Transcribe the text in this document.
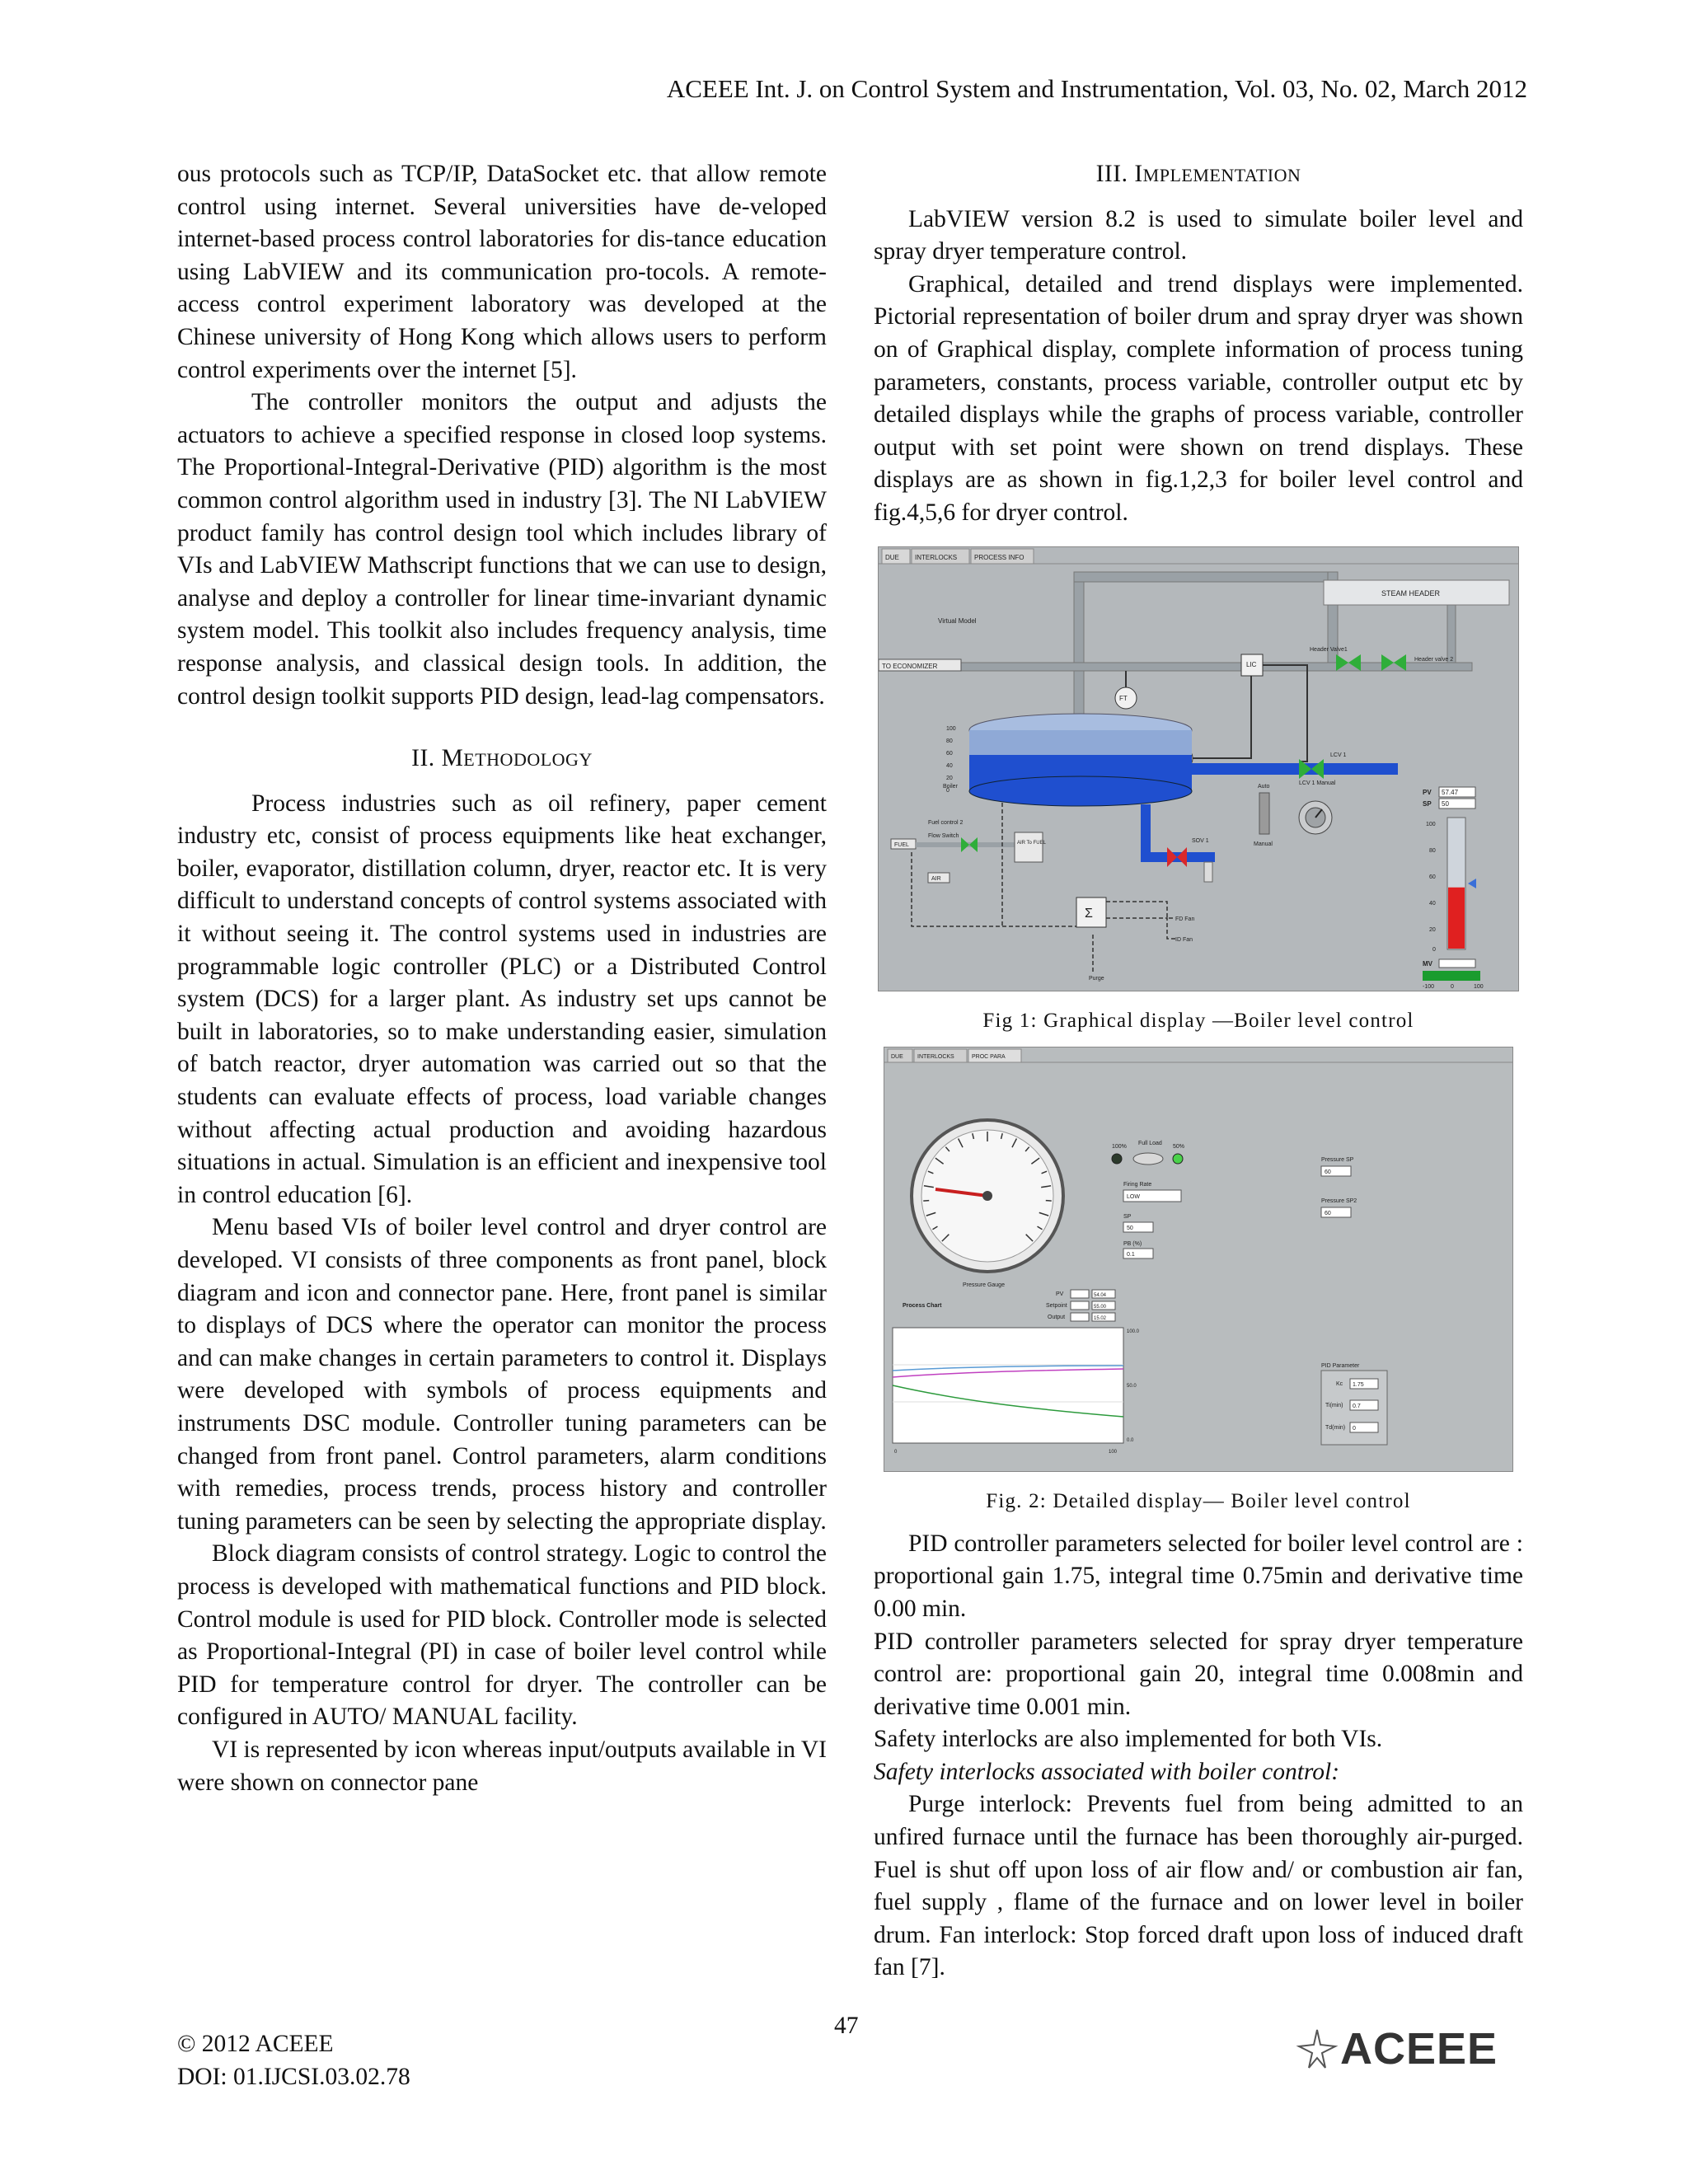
ACEEE Int. J. on Control System and Instrumentation, Vol. 03, No. 02, March 2012

ous protocols such as TCP/IP, DataSocket etc. that allow remote control using internet. Several universities have de-veloped internet-based process control laboratories for dis-tance education using LabVIEW and its communication pro-tocols. A remote-access control experiment laboratory was developed at the Chinese university of Hong Kong which allows users to perform control experiments over the internet [5].

The controller monitors the output and adjusts the actuators to achieve a specified response in closed loop systems. The Proportional-Integral-Derivative (PID) algorithm is the most common control algorithm used in industry [3]. The NI LabVIEW product family has control design tool which includes library of VIs and LabVIEW Mathscript functions that we can use to design, analyse and deploy a controller for linear time-invariant dynamic system model. This toolkit also includes frequency analysis, time response analysis, and classical design tools. In addition, the control design toolkit supports PID design, lead-lag compensators.

II. METHODOLOGY

Process industries such as oil refinery, paper cement industry etc, consist of process equipments like heat exchanger, boiler, evaporator, distillation column, dryer, reactor etc. It is very difficult to understand concepts of control systems associated with it without seeing it. The control systems used in industries are programmable logic controller (PLC) or a Distributed Control system (DCS) for a larger plant. As industry set ups cannot be built in laboratories, so to make understanding easier, simulation of batch reactor, dryer automation was carried out so that the students can evaluate effects of process, load variable changes without affecting actual production and avoiding hazardous situations in actual. Simulation is an efficient and inexpensive tool in control education [6].

Menu based VIs of boiler level control and dryer control are developed. VI consists of three components as front panel, block diagram and icon and connector pane. Here, front panel is similar to displays of DCS where the operator can monitor the process and can make changes in certain parameters to control it. Displays were developed with symbols of process equipments and instruments DSC module. Controller tuning parameters can be changed from front panel. Control parameters, alarm conditions with remedies, process trends, process history and controller tuning parameters can be seen by selecting the appropriate display.

Block diagram consists of control strategy. Logic to control the process is developed with mathematical functions and PID block. Control module is used for PID block. Controller mode is selected as Proportional-Integral (PI) in case of boiler level control while PID for temperature control for dryer. The controller can be configured in AUTO/ MANUAL facility.

VI is represented by icon whereas input/outputs available in VI were shown on connector pane

III. IMPLEMENTATION

LabVIEW version 8.2 is used to simulate boiler level and spray dryer temperature control.

Graphical, detailed and trend displays were implemented. Pictorial representation of boiler drum and spray dryer was shown on of Graphical display, complete information of process tuning parameters, constants, process variable, controller output etc by detailed displays while the graphs of process variable, controller output with set point were shown on trend displays. These displays are as shown in fig.1,2,3 for boiler level control and fig.4,5,6 for dryer control.

DUE INTERLOCKS	PROCESS INFO
STEAM HEADER
TO ECONOMIZER
Virtual Model
Header Valve1
Header valve 2
LIC
FT
Boiler
100
80
60
40
20
0
LCV 1
SOV 1
Fuel control 2
FUEL
Flow Switch
AIR To FUEL
AIR
Σ	FD Fan
ID Fan
Purge
Auto
Manual
LCV 1 Manual
PV 57.47
SP 50
100
80
60
40
20
0
MV
-100	0	100
Fig 1: Graphical display —Boiler level control
DUE INTERLOCKS	PROC PARA
Pressure Gauge
100%
Full Load
50%
Firing Rate
LOW
SP
50
PB (%)
0.1
Pressure SP
60
Pressure SP2
60
Process Chart
PV	54.04
Setpoint	55.00
Output	15.02
100.0
50.0
0.0
0	100
PID Parameter
Kc 1.75
Ti(min) 0.7
Td(min) 0
Fig. 2: Detailed display— Boiler level control

PID controller parameters selected for boiler level control are : proportional gain 1.75, integral time 0.75min and derivative time 0.00 min.

PID controller parameters selected for spray dryer temperature control are: proportional gain 20, integral time 0.008min and derivative time 0.001 min.

Safety interlocks are also implemented for both VIs.

Safety interlocks associated with boiler control:

Purge interlock: Prevents fuel from being admitted to an unfired furnace until the furnace has been thoroughly air-purged. Fuel is shut off upon loss of air flow and/ or combustion air fan, fuel supply , flame of the furnace and on lower level in boiler drum. Fan interlock: Stop forced draft upon loss of induced draft fan [7].

© 2012 ACEEE
DOI: 01.IJCSI.03.02.78
47	ACEEE
